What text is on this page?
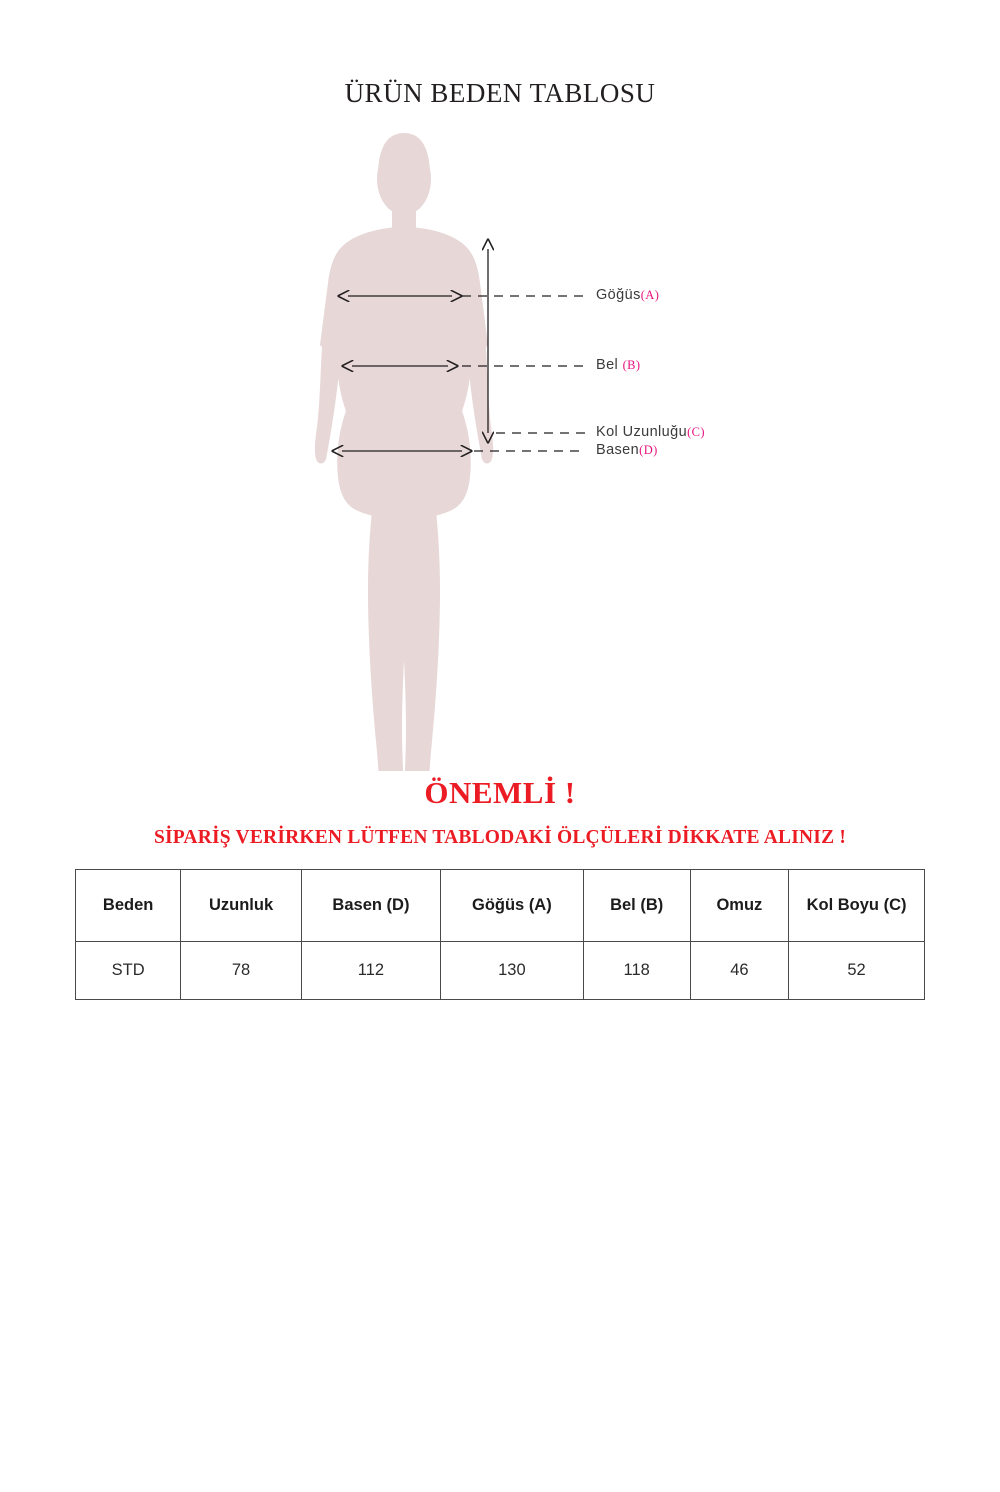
ÜRÜN BEDEN TABLOSU
Göğüs(A)
Bel (B)
Kol Uzunluğu(C)
Basen(D)
ÖNEMLİ !
SİPARİŞ VERİRKEN LÜTFEN TABLODAKİ ÖLÇÜLERİ DİKKATE ALINIZ !
Beden	Uzunluk	Basen (D)	Göğüs (A)	Bel (B)	Omuz	Kol Boyu (C)
STD	78	112	130	118	46	52
